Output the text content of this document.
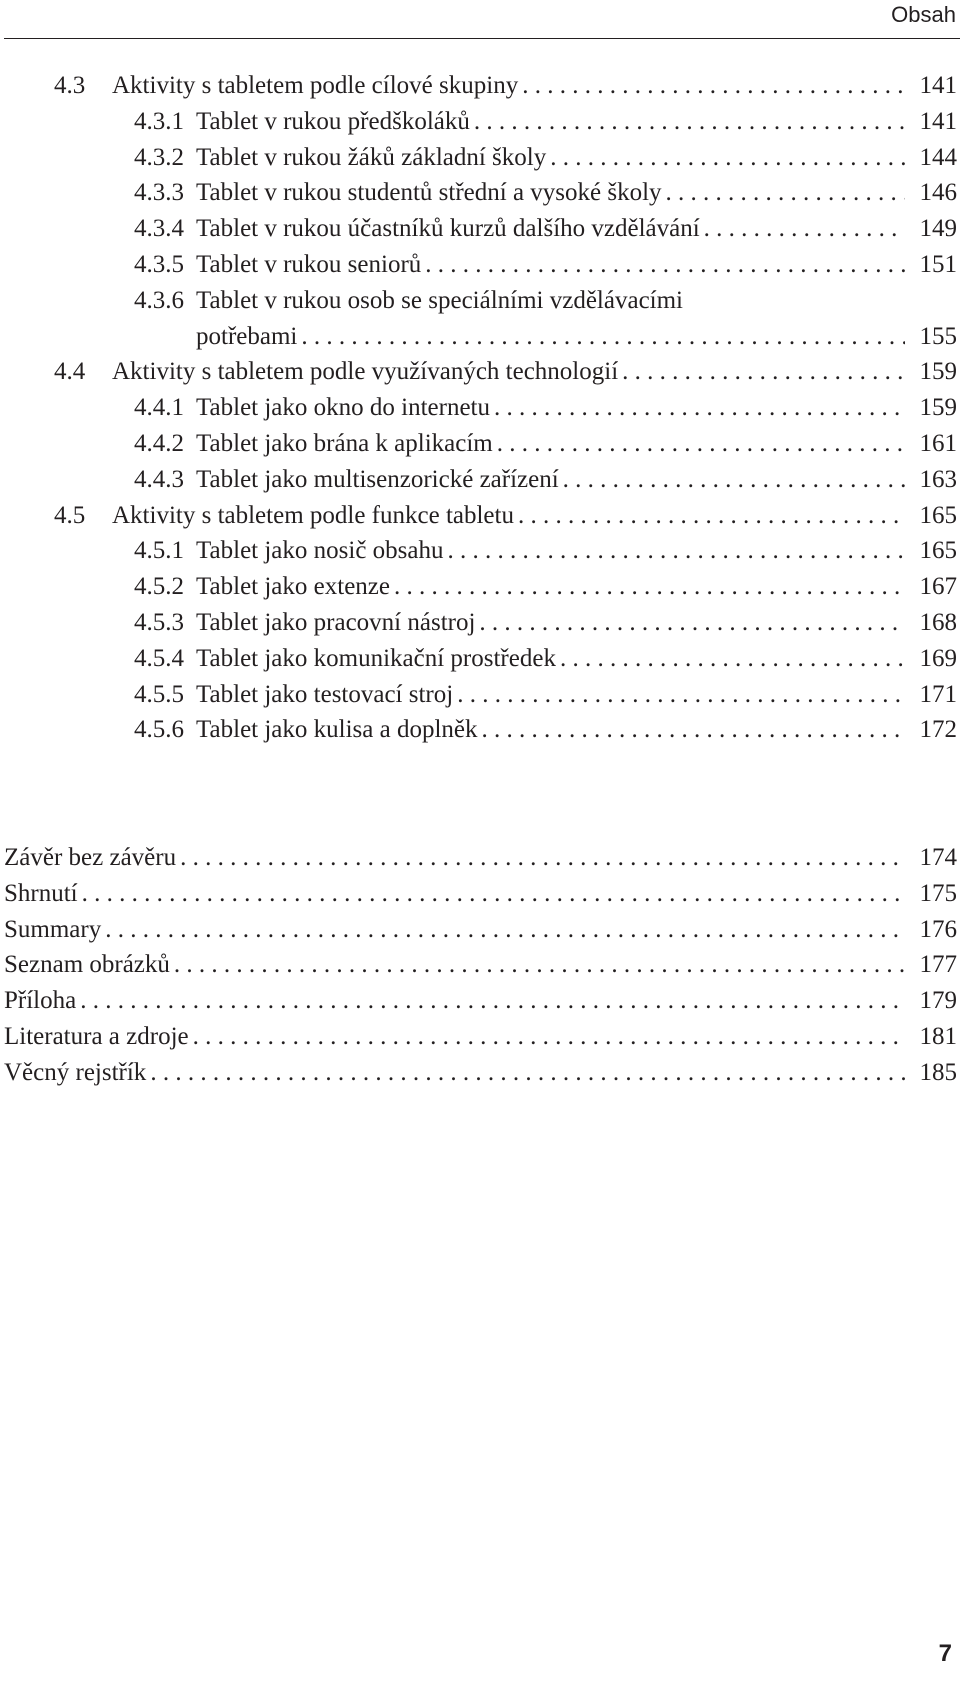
Obsah
4.3	Aktivity s tabletem podle cílové skupiny . . .	141
4.3.1 Tablet v rukou předškoláků . . .	141
4.3.2 Tablet v rukou žáků základní školy . . .	144
4.3.3 Tablet v rukou studentů střední a vysoké školy . . .	146
4.3.4 Tablet v rukou účastníků kurzů dalšího vzdělávání . . .	149
4.3.5 Tablet v rukou seniorů . . .	151
4.3.6 Tablet v rukou osob se speciálními vzdělávacími
potřebami . . .	155
4.4	Aktivity s tabletem podle využívaných technologií . . .	159
4.4.1 Tablet jako okno do internetu . . .	159
4.4.2 Tablet jako brána k aplikacím . . .	161
4.4.3 Tablet jako multisenzorické zařízení . . .	163
4.5	Aktivity s tabletem podle funkce tabletu . . .	165
4.5.1 Tablet jako nosič obsahu . . .	165
4.5.2 Tablet jako extenze . . .	167
4.5.3 Tablet jako pracovní nástroj . . .	168
4.5.4 Tablet jako komunikační prostředek . . .	169
4.5.5 Tablet jako testovací stroj . . .	171
4.5.6 Tablet jako kulisa a doplněk . . .	172
Závěr bez závěru . . .	174
Shrnutí . . .	175
Summary . . .	176
Seznam obrázků . . .	177
Příloha . . .	179
Literatura a zdroje . . .	181
Věcný rejstřík . . .	185
7
